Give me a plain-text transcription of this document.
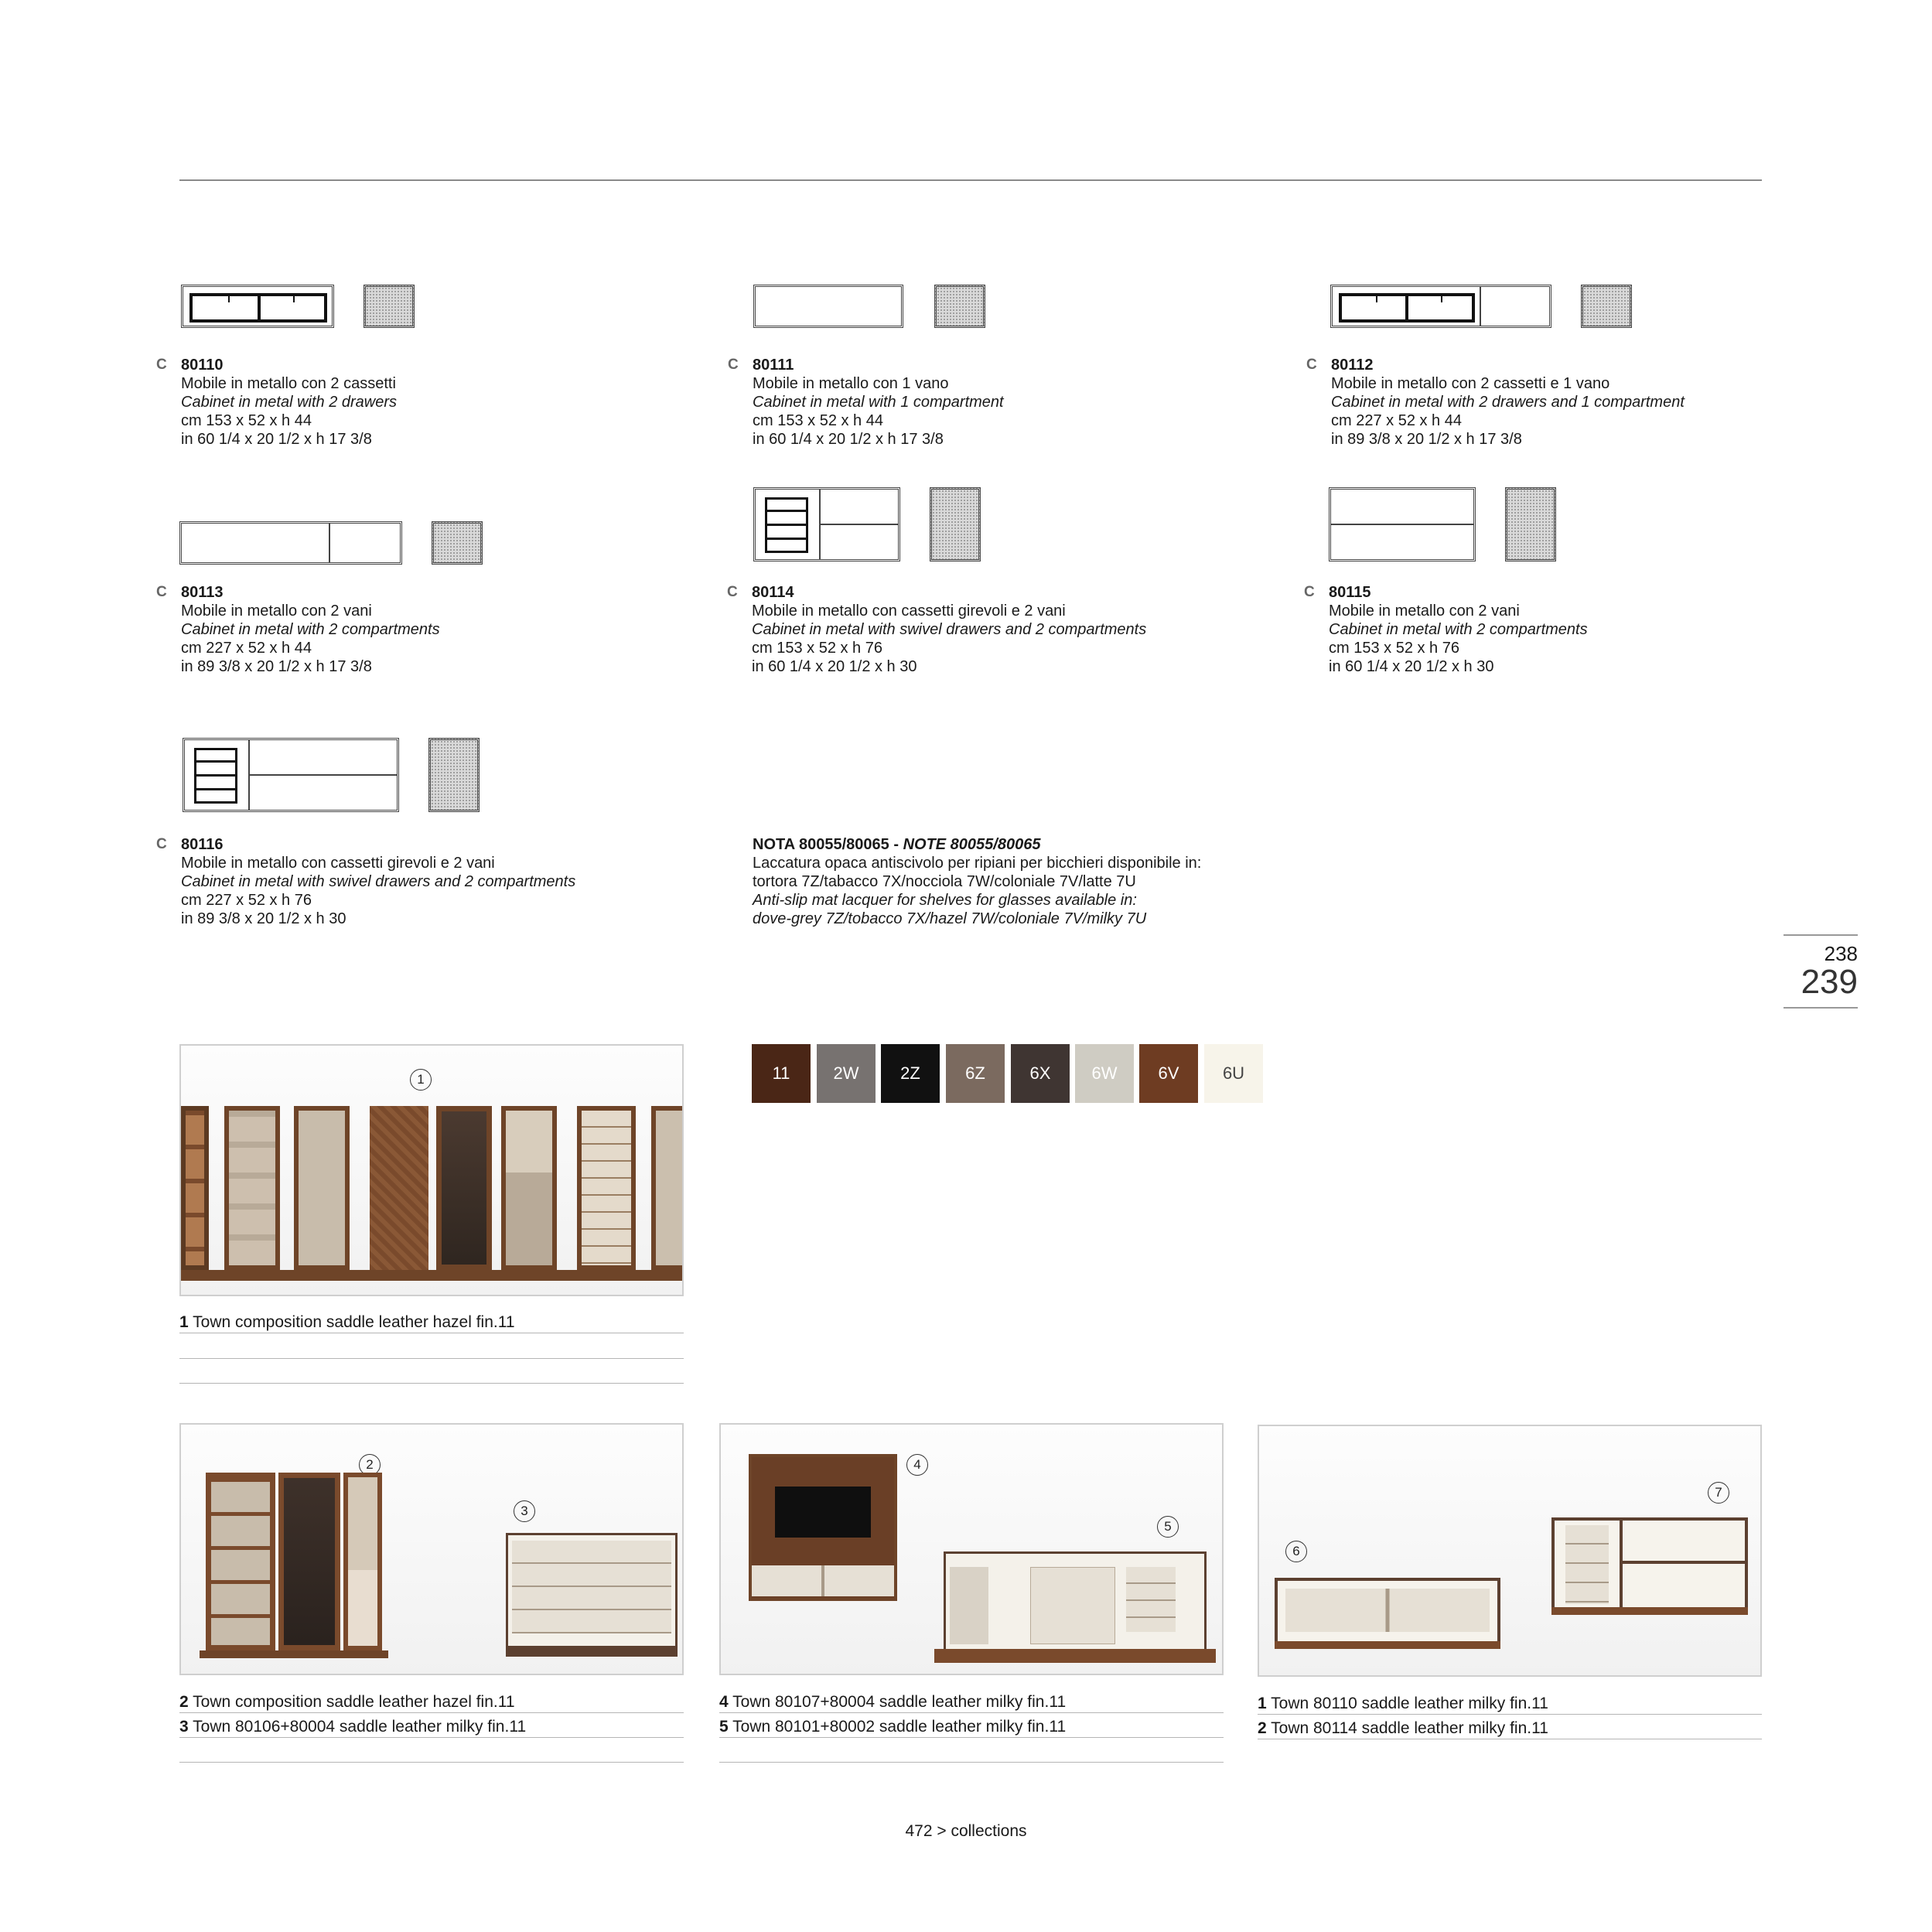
C 80110
Mobile in metallo con 2 cassetti
Cabinet in metal with 2 drawers
cm 153 x 52 x h 44
in 60 1/4 x 20 1/2 x h 17 3/8
C 80111
Mobile in metallo con 1 vano
Cabinet in metal with 1 compartment
cm 153 x 52 x h 44
in 60 1/4 x 20 1/2 x h 17 3/8
C 80112
Mobile in metallo con 2 cassetti e 1 vano
Cabinet in metal with 2 drawers and 1 compartment
cm 227 x 52 x h 44
in 89 3/8 x 20 1/2 x h 17 3/8
C 80113
Mobile in metallo con 2 vani
Cabinet in metal with 2 compartments
cm 227 x 52 x h 44
in 89 3/8 x 20 1/2 x h 17 3/8
C 80114
Mobile in metallo con cassetti girevoli e 2 vani
Cabinet in metal with swivel drawers and 2 compartments
cm 153 x 52 x h 76
in 60 1/4 x 20 1/2 x h 30
C 80115
Mobile in metallo con 2 vani
Cabinet in metal with 2 compartments
cm 153 x 52 x h 76
in 60 1/4 x 20 1/2 x h 30
C 80116
Mobile in metallo con cassetti girevoli e 2 vani
Cabinet in metal with swivel drawers and 2 compartments
cm 227 x 52 x h 76
in 89 3/8 x 20 1/2 x h 30
NOTA 80055/80065 - NOTE 80055/80065
Laccatura opaca antiscivolo per ripiani per bicchieri disponibile in:
tortora 7Z/tabacco 7X/nocciola 7W/coloniale 7V/latte 7U
Anti-slip mat lacquer for shelves for glasses available in:
dove-grey 7Z/tobacco 7X/hazel 7W/coloniale 7V/milky 7U
238
239
11	2W 2Z	6Z	6X 6W 6V	6U
1
1 Town composition saddle leather hazel fin.11
2
3
2 Town composition saddle leather hazel fin.11
3 Town 80106+80004 saddle leather milky fin.11
4
5
4 Town 80107+80004 saddle leather milky fin.11
5 Town 80101+80002 saddle leather milky fin.11
6
7
1 Town 80110 saddle leather milky fin.11
2 Town 80114 saddle leather milky fin.11
472 > collections
